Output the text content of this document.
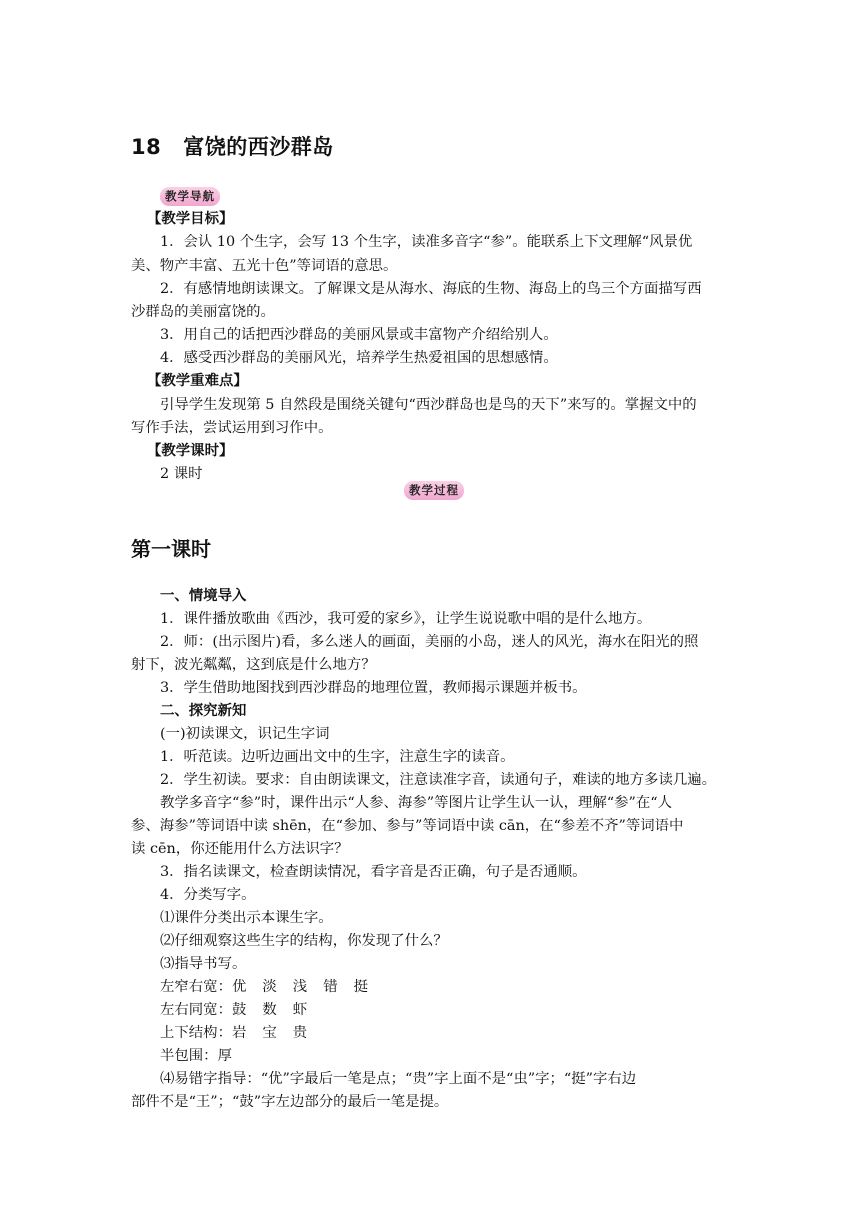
18 富饶的西沙群岛
教学导航
【教学目标】
1．会认 10 个生字，会写 13 个生字，读准多音字“参”。能联系上下文理解“风景优
美、物产丰富、五光十色”等词语的意思。
2．有感情地朗读课文。了解课文是从海水、海底的生物、海岛上的鸟三个方面描写西
沙群岛的美丽富饶的。
3．用自己的话把西沙群岛的美丽风景或丰富物产介绍给别人。
4．感受西沙群岛的美丽风光，培养学生热爱祖国的思想感情。
【教学重难点】
引导学生发现第 5 自然段是围绕关键句“西沙群岛也是鸟的天下”来写的。掌握文中的
写作手法，尝试运用到习作中。
【教学课时】
2 课时
教学过程
第一课时
一、情境导入
1．课件播放歌曲《西沙，我可爱的家乡》，让学生说说歌中唱的是什么地方。
2．师：(出示图片)看，多么迷人的画面，美丽的小岛，迷人的风光，海水在阳光的照
射下，波光粼粼，这到底是什么地方？
3．学生借助地图找到西沙群岛的地理位置，教师揭示课题并板书。
二、探究新知
(一)初读课文，识记生字词
1．听范读。边听边画出文中的生字，注意生字的读音。
2．学生初读。要求：自由朗读课文，注意读准字音，读通句子，难读的地方多读几遍。
教学多音字“参”时，课件出示“人参、海参”等图片让学生认一认，理解“参”在“人
参、海参”等词语中读 shēn，在“参加、参与”等词语中读 cān，在“参差不齐”等词语中
读 cēn，你还能用什么方法识字？
3．指名读课文，检查朗读情况，看字音是否正确，句子是否通顺。
4．分类写字。
⑴课件分类出示本课生字。
⑵仔细观察这些生字的结构，你发现了什么？
⑶指导书写。
左窄右宽：优 淡 浅 错 挺
左右同宽：鼓 数 虾
上下结构：岩 宝 贵
半包围：厚
⑷易错字指导：“优”字最后一笔是点；“贵”字上面不是“虫”字；“挺”字右边
部件不是“王”；“鼓”字左边部分的最后一笔是提。
